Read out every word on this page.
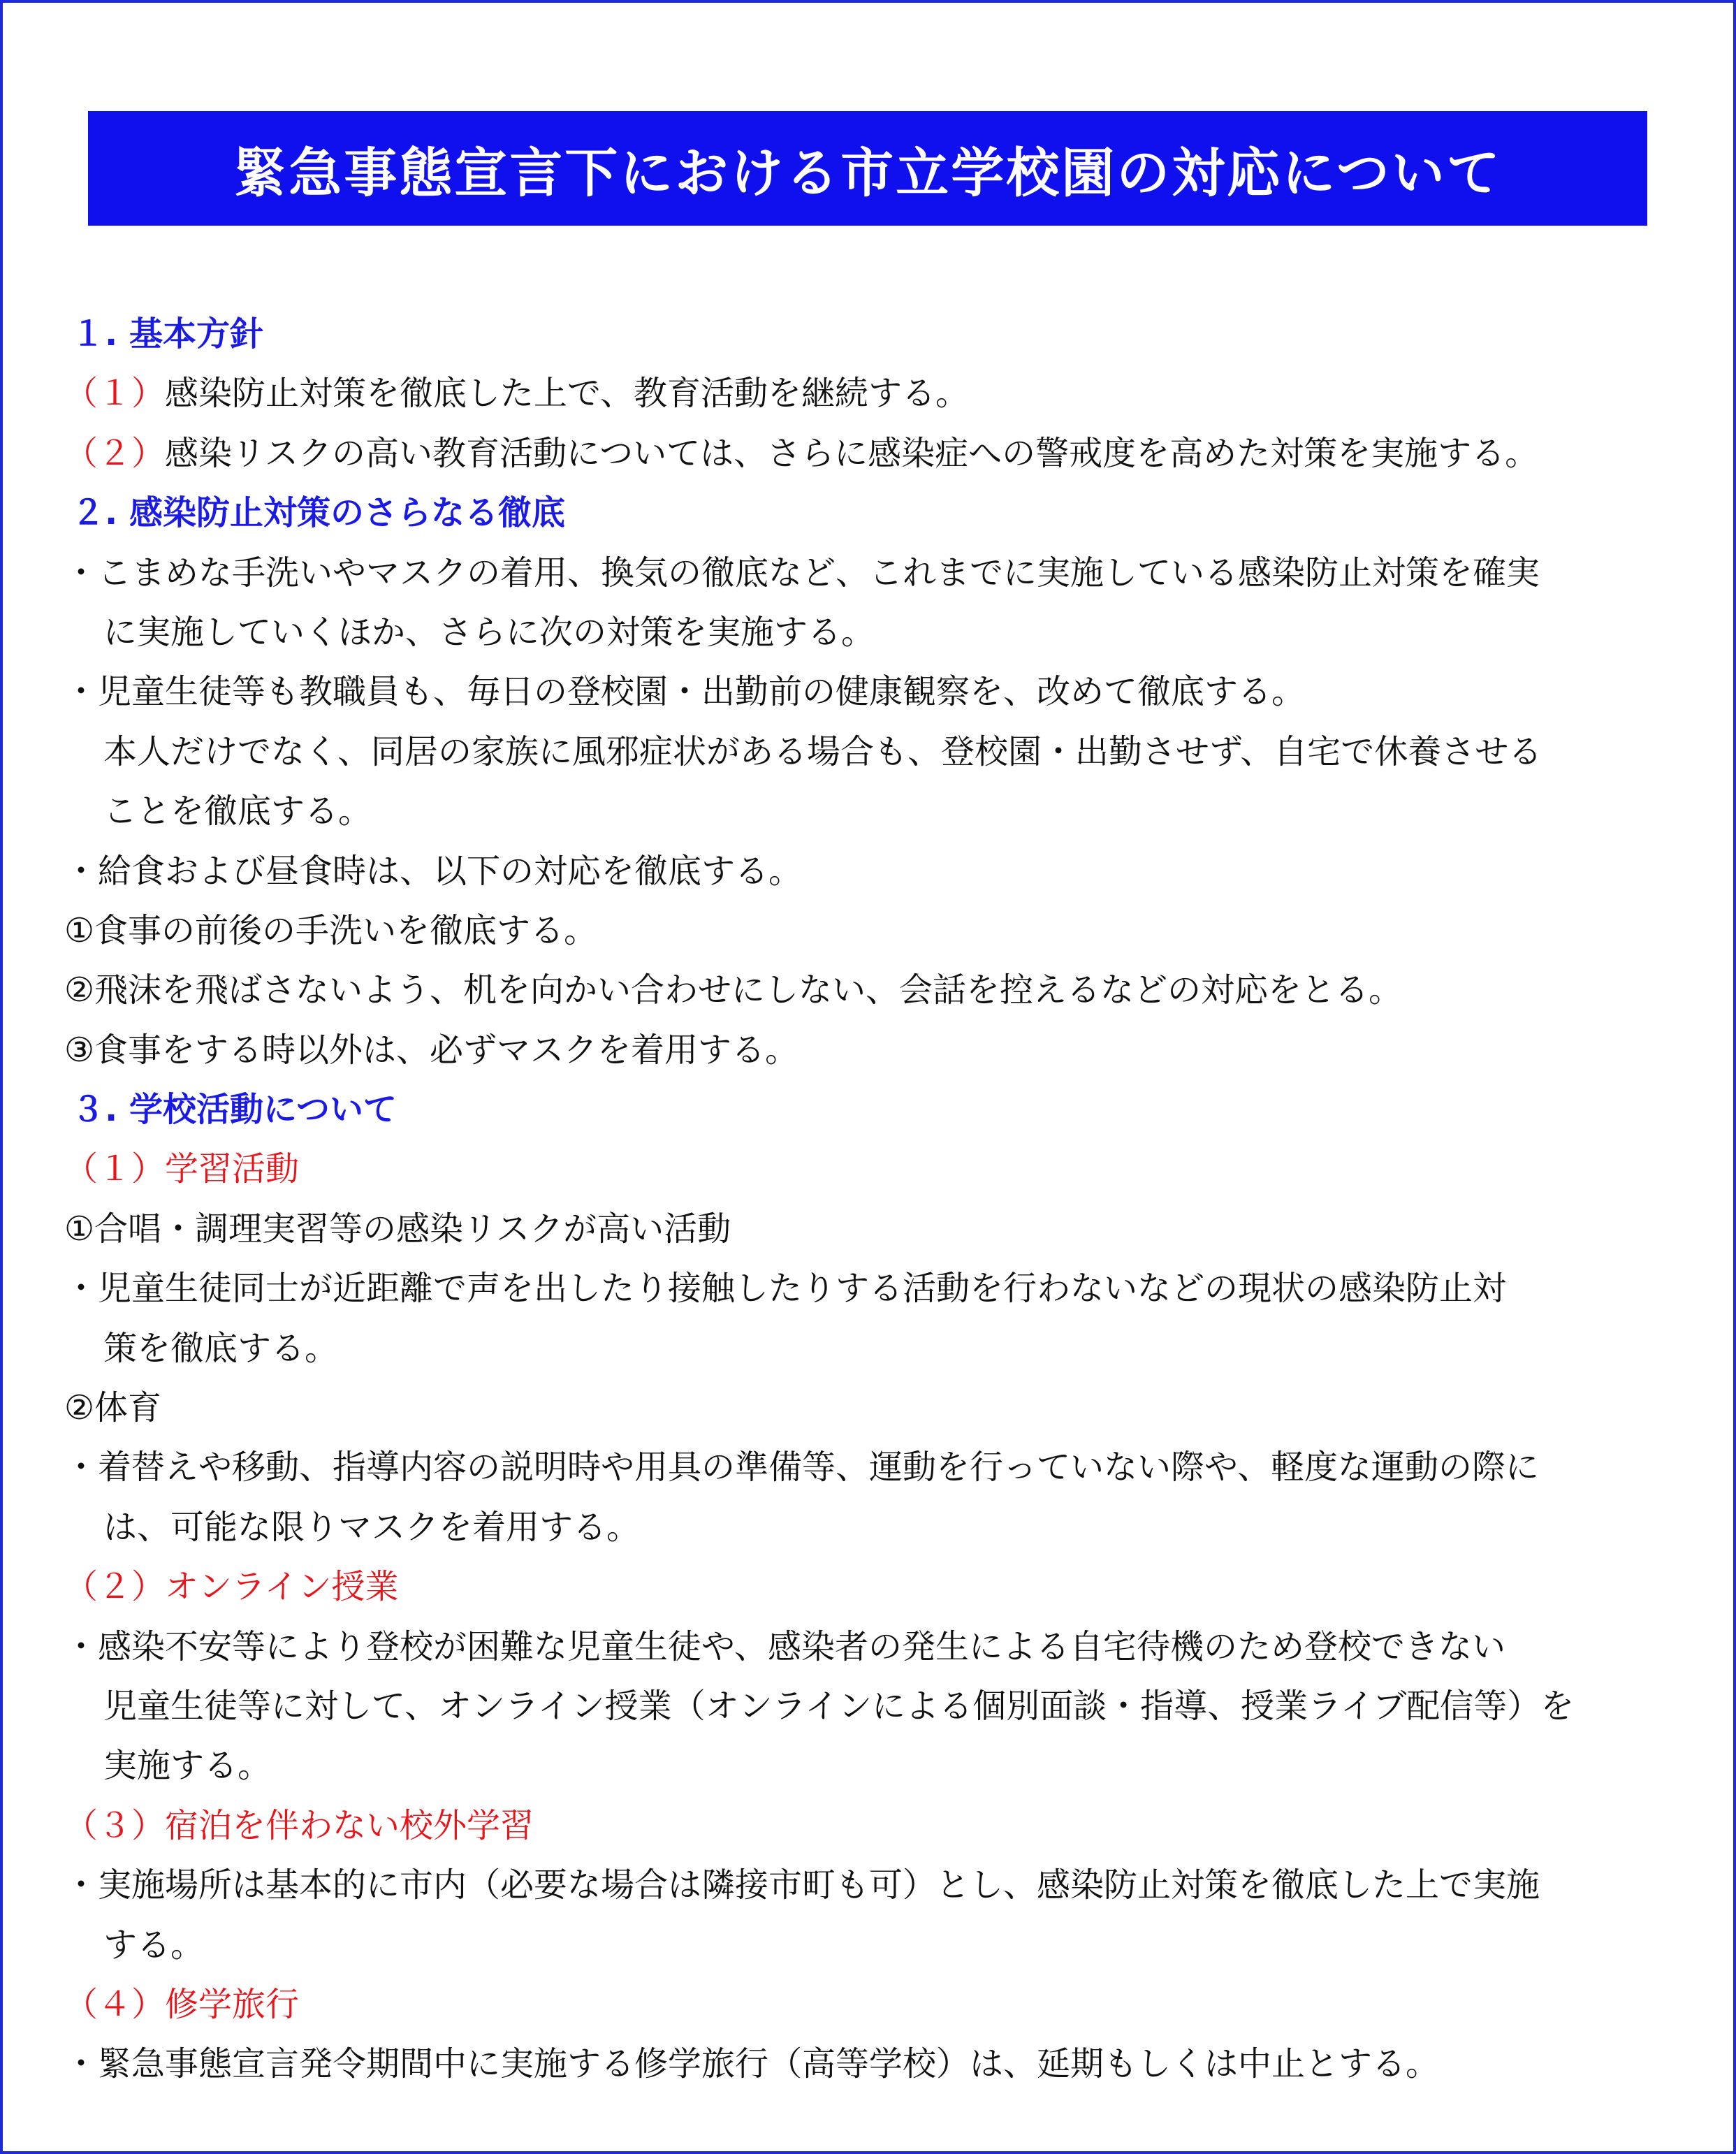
緊急事態宣言下における市立学校園の対応について
１. 基本方針
（１）感染防止対策を徹底した上で、教育活動を継続する。
（２）感染リスクの高い教育活動については、さらに感染症への警戒度を高めた対策を実施する。
２. 感染防止対策のさらなる徹底
・こまめな手洗いやマスクの着用、換気の徹底など、これまでに実施している感染防止対策を確実
に実施していくほか、さらに次の対策を実施する。
・児童生徒等も教職員も、毎日の登校園・出勤前の健康観察を、改めて徹底する。
本人だけでなく、同居の家族に風邪症状がある場合も、登校園・出勤させず、自宅で休養させる
ことを徹底する。
・給食および昼食時は、以下の対応を徹底する。
①食事の前後の手洗いを徹底する。
②飛沫を飛ばさないよう、机を向かい合わせにしない、会話を控えるなどの対応をとる。
③食事をする時以外は、必ずマスクを着用する。
３. 学校活動について
（１）学習活動
①合唱・調理実習等の感染リスクが高い活動
・児童生徒同士が近距離で声を出したり接触したりする活動を行わないなどの現状の感染防止対
策を徹底する。
②体育
・着替えや移動、指導内容の説明時や用具の準備等、運動を行っていない際や、軽度な運動の際に
は、可能な限りマスクを着用する。
（２）オンライン授業
・感染不安等により登校が困難な児童生徒や、感染者の発生による自宅待機のため登校できない
児童生徒等に対して、オンライン授業（オンラインによる個別面談・指導、授業ライブ配信等）を
実施する。
（３）宿泊を伴わない校外学習
・実施場所は基本的に市内（必要な場合は隣接市町も可）とし、感染防止対策を徹底した上で実施
する。
（４）修学旅行
・緊急事態宣言発令期間中に実施する修学旅行（高等学校）は、延期もしくは中止とする。
